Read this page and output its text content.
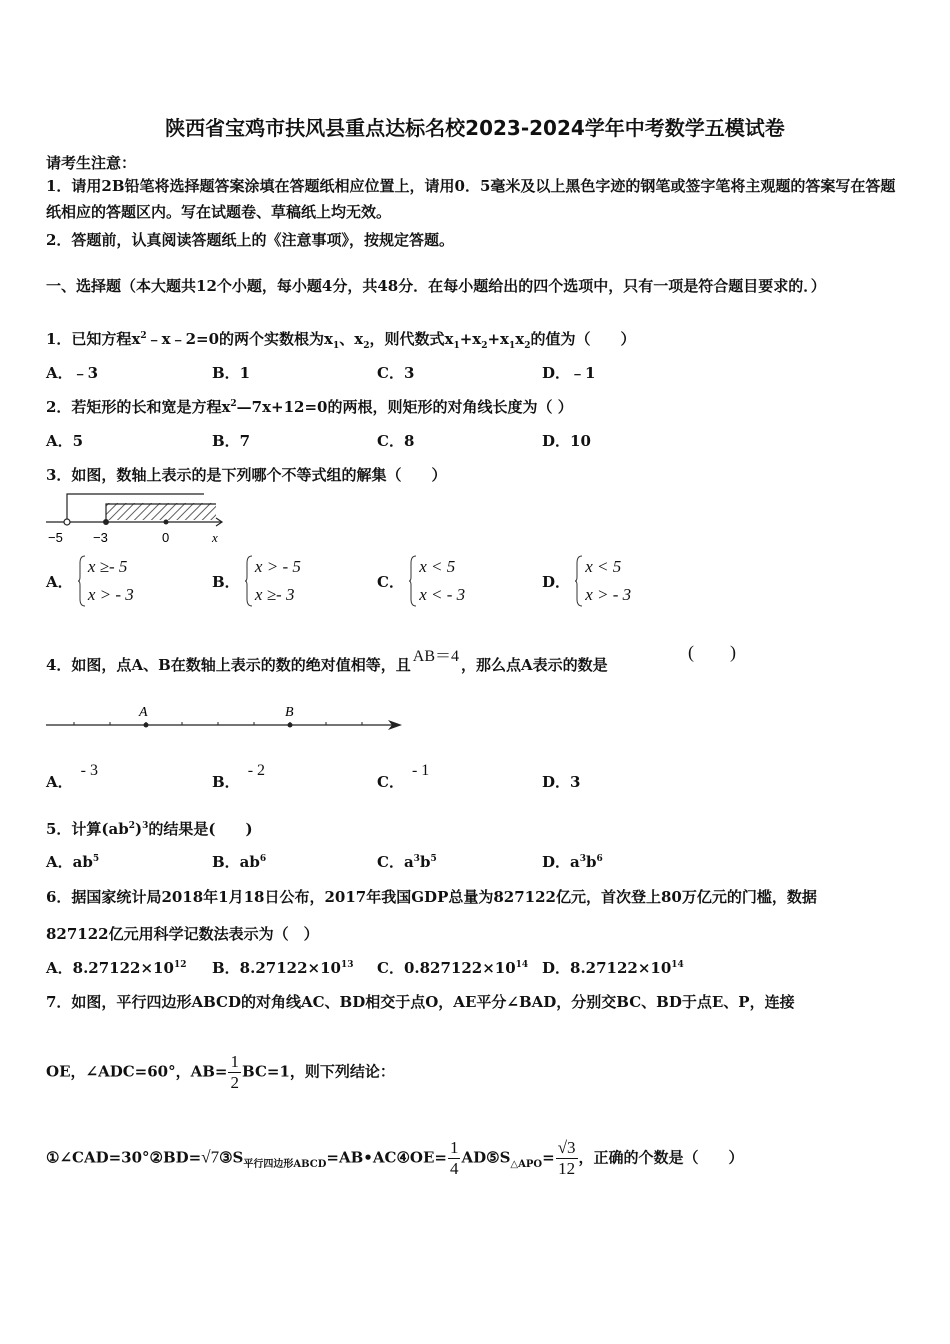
陕西省宝鸡市扶风县重点达标名校2023-2024学年中考数学五模试卷
请考生注意：
1．请用2B铅笔将选择题答案涂填在答题纸相应位置上，请用0．5毫米及以上黑色字迹的钢笔或签字笔将主观题的答案写在答题纸相应的答题区内。写在试题卷、草稿纸上均无效。
2．答题前，认真阅读答题纸上的《注意事项》，按规定答题。
一、选择题（本大题共12个小题，每小题4分，共48分．在每小题给出的四个选项中，只有一项是符合题目要求的．）
1．已知方程$x^2﹣x﹣2=0$的两个实数根为$x_1$、$x_2$，则代数式$x_1+x_2+x_1x_2$的值为（　　）
A．﹣3	B．1	C．3	D．﹣1
2．若矩形的长和宽是方程$x^2—7x+12=0$的两根，则矩形的对角线长度为（ ）
A．5	B．7	C．8	D．10
3．如图，数轴上表示的是下列哪个不等式组的解集（　　）
−5 −3	0	x
A．
x ≥- 5
x > - 3
B．
x > - 5
x ≥- 3
C．
x < 5
x < - 3
D．
x < 5
x > - 3
4．如图，点A、B在数轴上表示的数的绝对值相等，且 AB＝4 ，那么点A表示的数是
(　　)
A	B
A．- 3
B．- 2
C．- 1
D．3
5．计算$(ab^2)^3$的结果是(　　)
A．$ab^5$	B．$ab^6$	C．$a^3b^5$	D．$a^3b^6$
6．据国家统计局2018年1月18日公布，2017年我国GDP总量为827122亿元，首次登上80万亿元的门槛，数据
827122亿元用科学记数法表示为（　）
A．$8.27122\times 10^{12}$ B．$8.27122\times 10^{13}$ C．$0.827122\times 10^{14}$ D．$8.27122\times 10^{14}$
7．如图，平行四边形ABCD的对角线AC、BD相交于点O，AE平分∠BAD，分别交BC、BD于点E、P，连接
OE，∠ADC=60°，$AB= \frac{1}{2} BC=1$，则下列结论：
$①\angle CAD=30^\circ ②BD=√7③S_{平行四边形ABCD}=AB•AC④OE= \frac{1}{4}$ $AD⑤S_{\triangle APO}= \frac{√3}{12}$ ，正确的个数是（　　）
